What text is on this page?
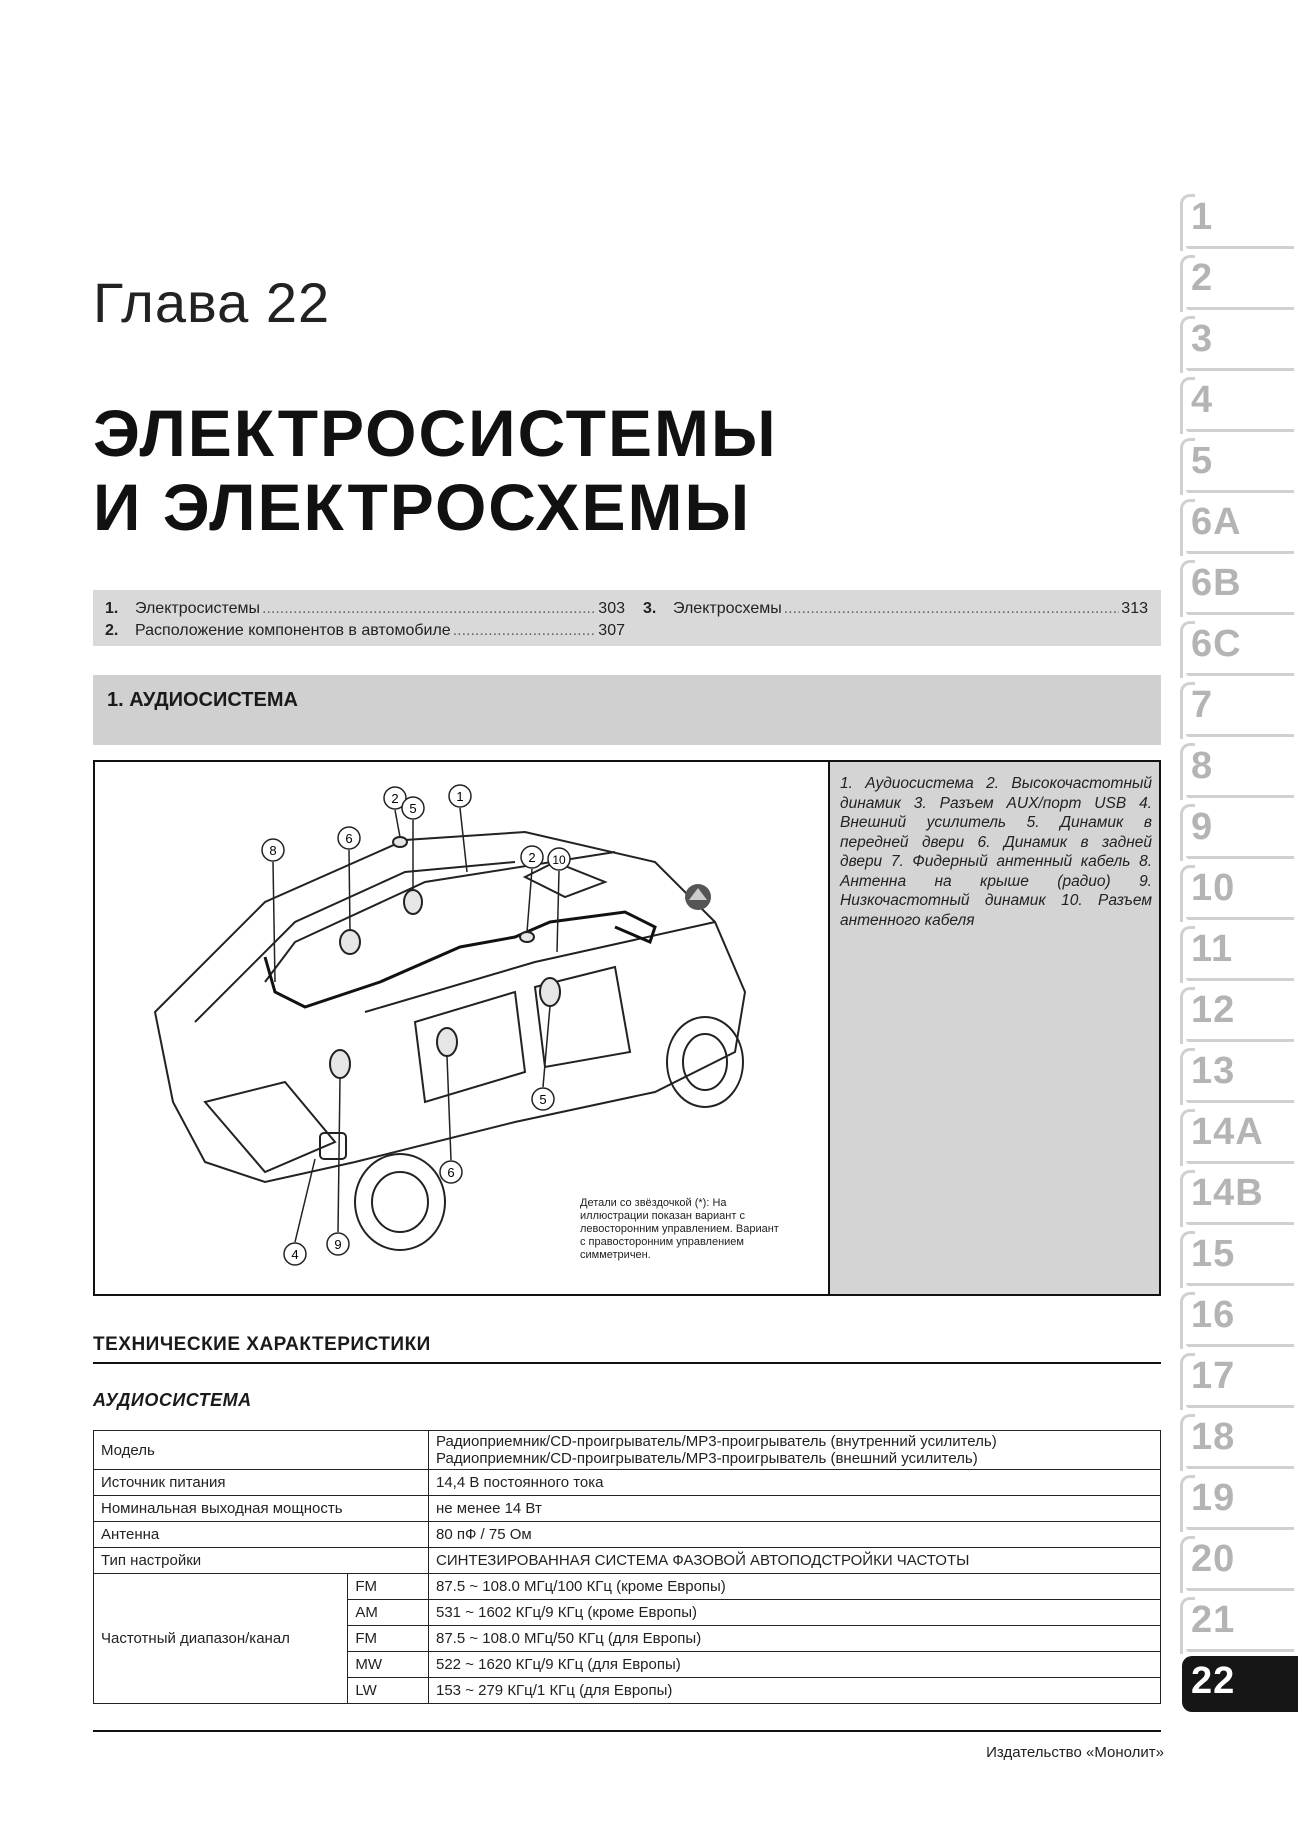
Глава 22
ЭЛЕКТРОСИСТЕМЫ
И ЭЛЕКТРОСХЕМЫ
1.	Электросистемы .....	303
2.	Расположение компонентов в автомобиле .....	307
3.	Электросхемы .....	313
1. АУДИОСИСТЕМА
8
6
2
5
1
2 10
5
6
4
9
Детали со звёздочкой (*): На иллюстрации показан вариант с левосторонним управлением. Вариант с правосторонним управлением симметричен.
1. Аудиосистема 2. Высокочастотный динамик 3. Разъем AUX/порт USB 4. Внешний усилитель 5. Динамик в передней двери 6. Динамик в задней двери 7. Фидерный антенный кабель 8. Антенна на крыше (радио) 9. Низкочастотный динамик 10. Разъем антенного кабеля
ТЕХНИЧЕСКИЕ ХАРАКТЕРИСТИКИ
АУДИОСИСТЕМА
Модель		Радиоприемник/CD-проигрыватель/MP3-проигрыватель (внутренний усилитель)
Радиоприемник/CD-проигрыватель/MP3-проигрыватель (внешний усилитель)

Источник питания		14,4 В постоянного тока
Номинальная выходная мощность		не менее 14 Вт
Антенна		80 пФ / 75 Ом
Тип настройки		СИНТЕЗИРОВАННАЯ СИСТЕМА ФАЗОВОЙ АВТОПОДСТРОЙКИ ЧАСТОТЫ
Частотный диапазон/канал	FM	87.5 ~ 108.0 МГц/100 КГц (кроме Европы)
	AM	531 ~ 1602 КГц/9 КГц (кроме Европы)
	FM	87.5 ~ 108.0 МГц/50 КГц (для Европы)
	MW	522 ~ 1620 КГц/9 КГц (для Европы)
	LW	153 ~ 279 КГц/1 КГц (для Европы)
Издательство «Монолит»
1
2
3
4
5
6A
6B
6C
7
8
9
10
11
12
13
14A
14B
15
16
17
18
19
20
21
22
